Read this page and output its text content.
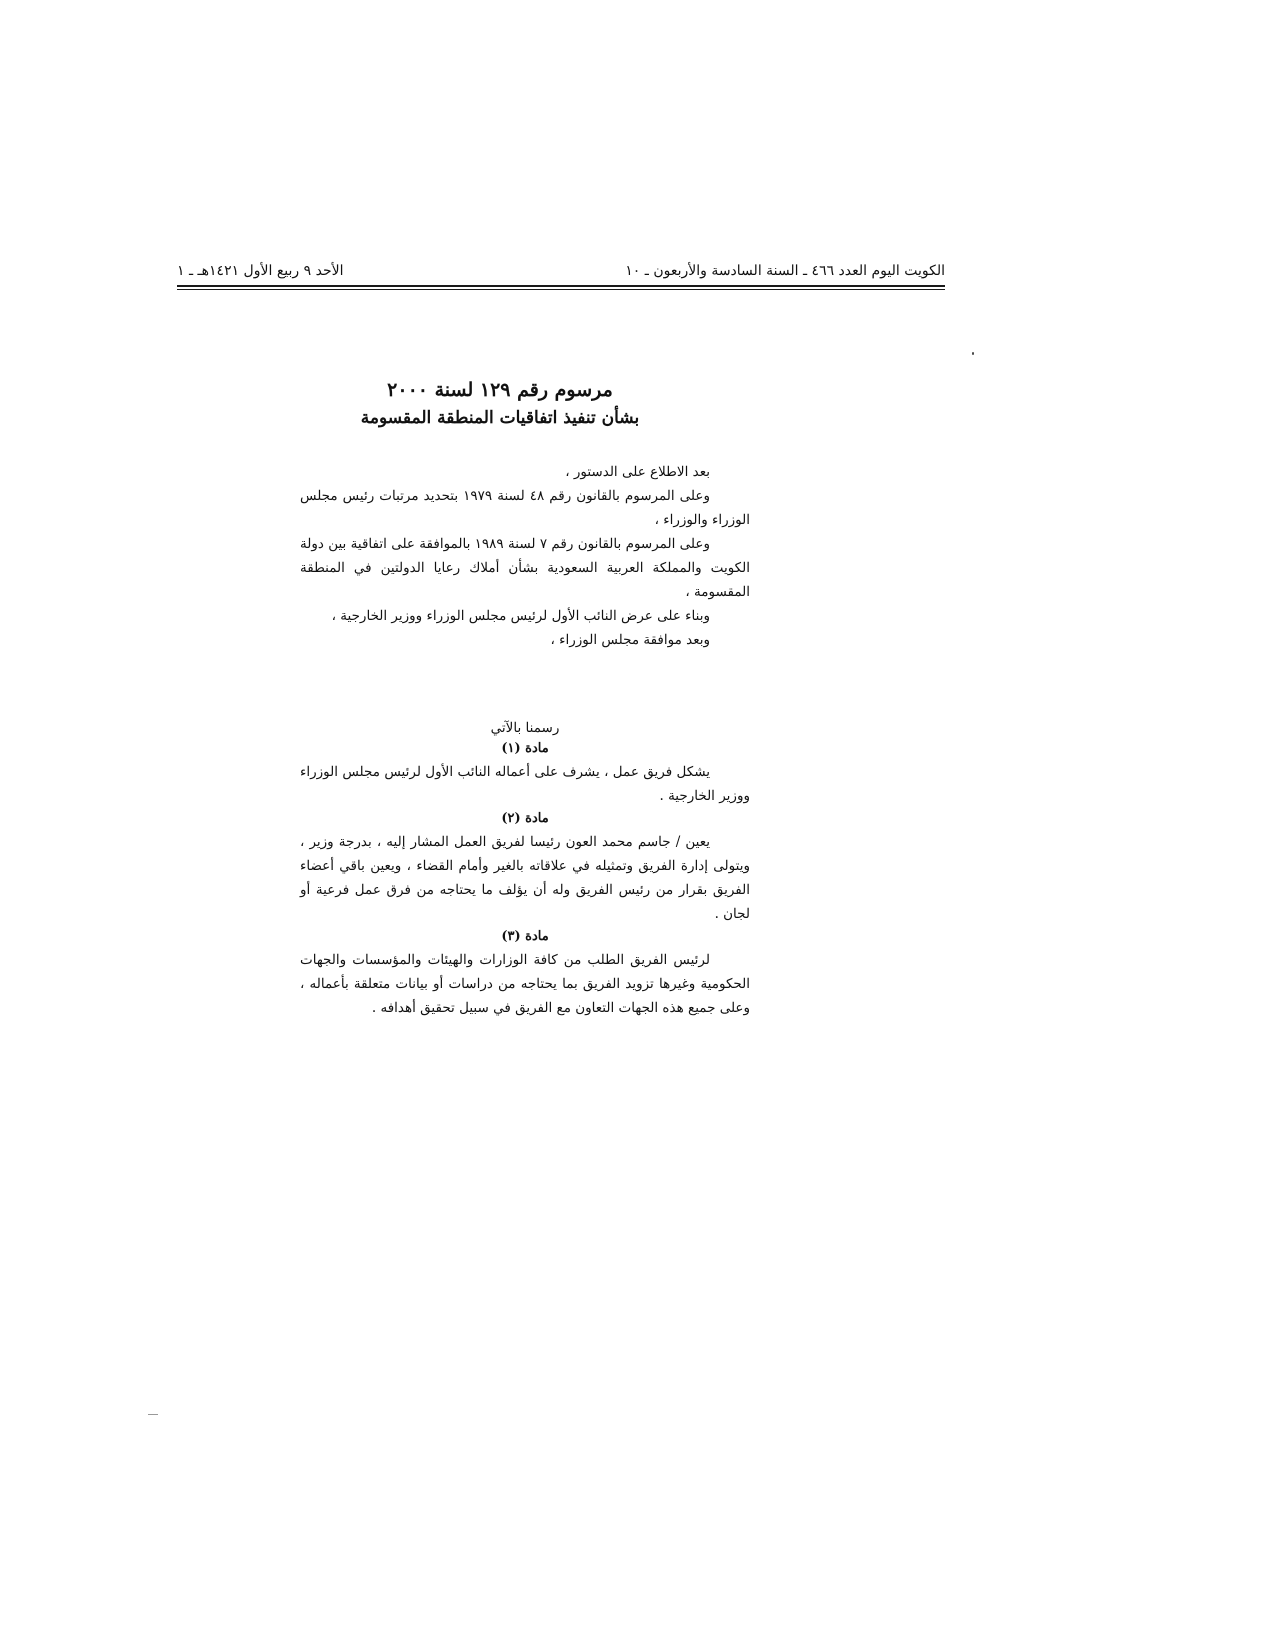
الكويت اليوم العدد ٤٦٦ ـ السنة السادسة والأربعون ـ ١٠
الأحد ٩ ربيع الأول ١٤٢١هـ ـ ١
مرسوم رقم ١٢٩ لسنة ٢٠٠٠
بشأن تنفيذ اتفاقيات المنطقة المقسومة

بعد الاطلاع على الدستور ،

وعلى المرسوم بالقانون رقم ٤٨ لسنة ١٩٧٩ بتحديد مرتبات رئيس مجلس الوزراء والوزراء ،

وعلى المرسوم بالقانون رقم ٧ لسنة ١٩٨٩ بالموافقة على اتفاقية بين دولة الكويت والمملكة العربية السعودية بشأن أملاك رعايا الدولتين في المنطقة المقسومة ،

وبناء على عرض النائب الأول لرئيس مجلس الوزراء ووزير الخارجية ،

وبعد موافقة مجلس الوزراء ،

رسمنا بالآتي
مادة (١)

يشكل فريق عمل ، يشرف على أعماله النائب الأول لرئيس مجلس الوزراء ووزير الخارجية .

مادة (٢)

يعين / جاسم محمد العون رئيسا لفريق العمل المشار إليه ، بدرجة وزير ، ويتولى إدارة الفريق وتمثيله في علاقاته بالغير وأمام القضاء ، ويعين باقي أعضاء الفريق بقرار من رئيس الفريق وله أن يؤلف ما يحتاجه من فرق عمل فرعية أو لجان .

مادة (٣)

لرئيس الفريق الطلب من كافة الوزارات والهيئات والمؤسسات والجهات الحكومية وغيرها تزويد الفريق بما يحتاجه من دراسات أو بيانات متعلقة بأعماله ، وعلى جميع هذه الجهات التعاون مع الفريق في سبيل تحقيق أهدافه .
